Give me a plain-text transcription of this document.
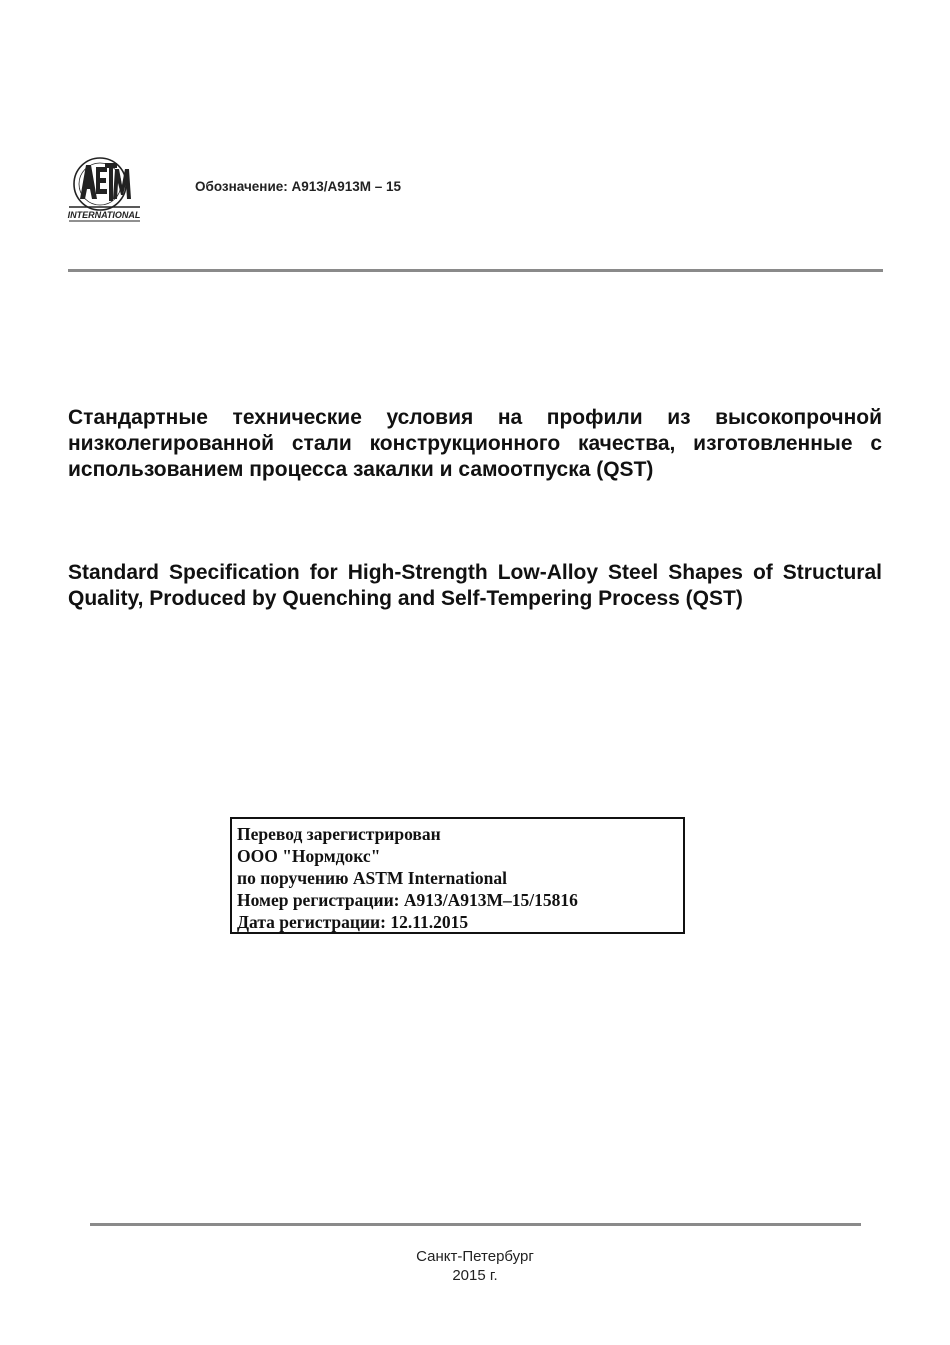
INTERNATIONAL
Обозначение: A913/A913M – 15
Стандартные технические условия на профили из высокопрочной низколегированной стали конструкционного качества, изготовленные с использованием процесса закалки и самоотпуска (QST)
Standard Specification for High-Strength Low-Alloy Steel Shapes of Structural Quality, Produced by Quenching and Self-Tempering Process (QST)
Перевод зарегистрирован
ООО "Нормдокс"
по поручению ASTM International
Номер регистрации: A913/A913M–15/15816
Дата регистрации: 12.11.2015
Санкт-Петербург
2015 г.
